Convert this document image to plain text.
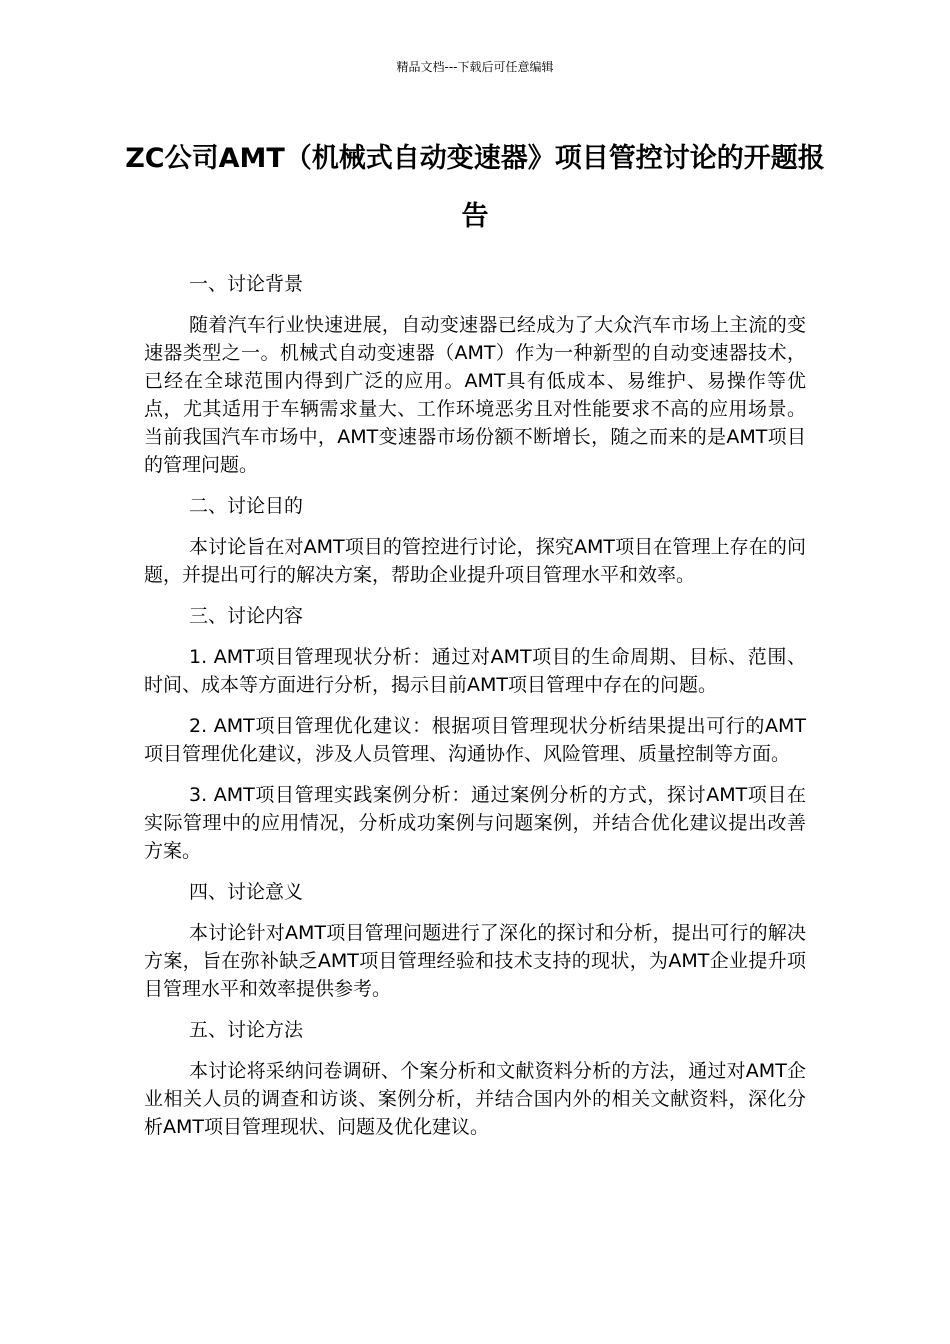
精品文档---下载后可任意编辑
ZC公司AMT（机械式自动变速器》项目管控讨论的开题报告

一、讨论背景

随着汽车行业快速进展，自动变速器已经成为了大众汽车市场上主流的变速器类型之一。机械式自动变速器（AMT）作为一种新型的自动变速器技术，已经在全球范围内得到广泛的应用。AMT具有低成本、易维护、易操作等优点，尤其适用于车辆需求量大、工作环境恶劣且对性能要求不高的应用场景。当前我国汽车市场中，AMT变速器市场份额不断增长，随之而来的是AMT项目的管理问题。

二、讨论目的

本讨论旨在对AMT项目的管控进行讨论，探究AMT项目在管理上存在的问题，并提出可行的解决方案，帮助企业提升项目管理水平和效率。

三、讨论内容

1. AMT项目管理现状分析：通过对AMT项目的生命周期、目标、范围、时间、成本等方面进行分析，揭示目前AMT项目管理中存在的问题。

2. AMT项目管理优化建议：根据项目管理现状分析结果提出可行的AMT项目管理优化建议，涉及人员管理、沟通协作、风险管理、质量控制等方面。

3. AMT项目管理实践案例分析：通过案例分析的方式，探讨AMT项目在实际管理中的应用情况，分析成功案例与问题案例，并结合优化建议提出改善方案。

四、讨论意义

本讨论针对AMT项目管理问题进行了深化的探讨和分析，提出可行的解决方案，旨在弥补缺乏AMT项目管理经验和技术支持的现状，为AMT企业提升项目管理水平和效率提供参考。

五、讨论方法

本讨论将采纳问卷调研、个案分析和文献资料分析的方法，通过对AMT企业相关人员的调查和访谈、案例分析，并结合国内外的相关文献资料，深化分析AMT项目管理现状、问题及优化建议。
